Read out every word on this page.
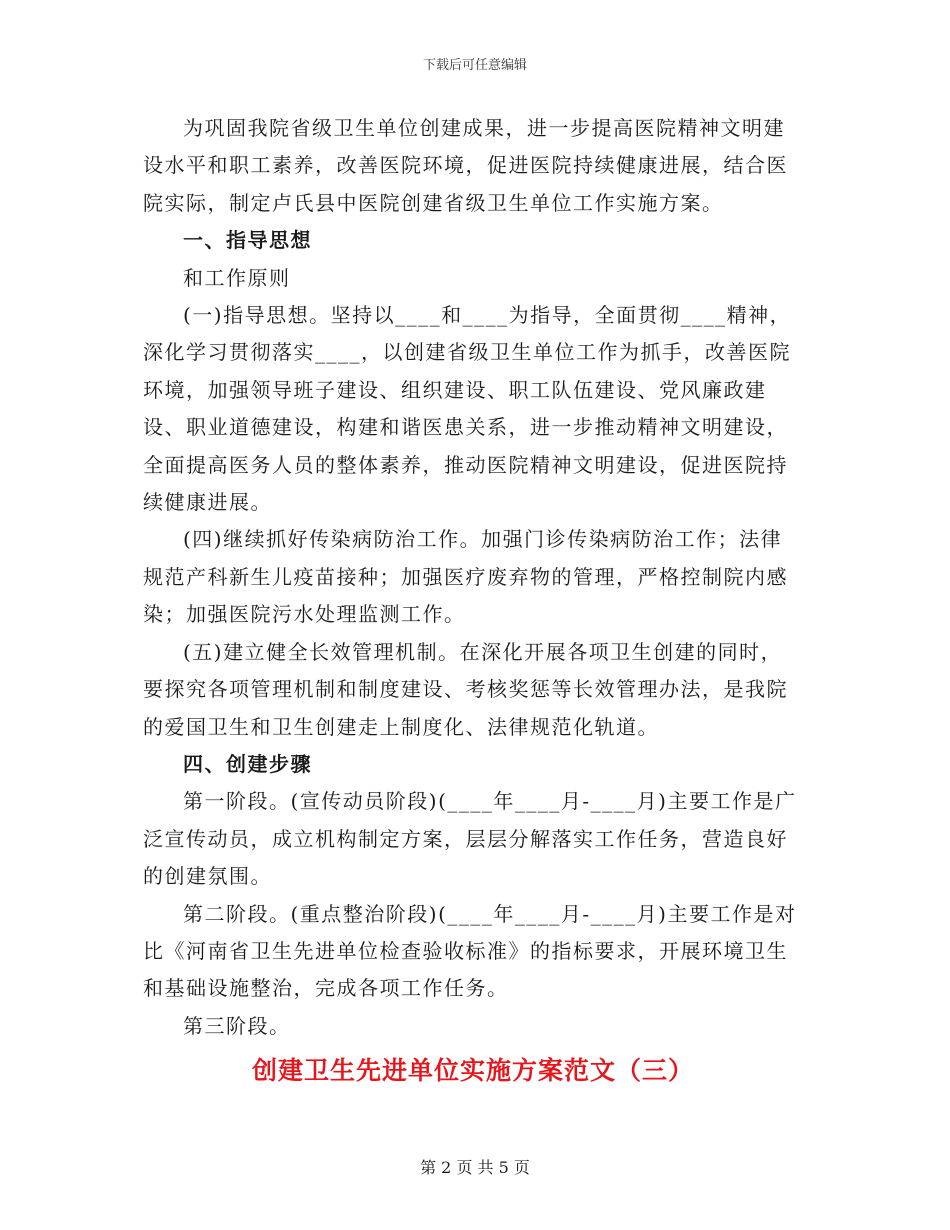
下载后可任意编辑

为巩固我院省级卫生单位创建成果，进一步提高医院精神文明建设水平和职工素养，改善医院环境，促进医院持续健康进展，结合医院实际，制定卢氏县中医院创建省级卫生单位工作实施方案。

一、指导思想

和工作原则

(一)指导思想。坚持以____和____为指导，全面贯彻____精神，深化学习贯彻落实____，以创建省级卫生单位工作为抓手，改善医院环境，加强领导班子建设、组织建设、职工队伍建设、党风廉政建设、职业道德建设，构建和谐医患关系，进一步推动精神文明建设，全面提高医务人员的整体素养，推动医院精神文明建设，促进医院持续健康进展。

(四)继续抓好传染病防治工作。加强门诊传染病防治工作；法律规范产科新生儿疫苗接种；加强医疗废弃物的管理，严格控制院内感染；加强医院污水处理监测工作。

(五)建立健全长效管理机制。在深化开展各项卫生创建的同时，要探究各项管理机制和制度建设、考核奖惩等长效管理办法，是我院的爱国卫生和卫生创建走上制度化、法律规范化轨道。

四、创建步骤

第一阶段。(宣传动员阶段)(____年____月-____月)主要工作是广泛宣传动员，成立机构制定方案，层层分解落实工作任务，营造良好的创建氛围。

第二阶段。(重点整治阶段)(____年____月-____月)主要工作是对比《河南省卫生先进单位检查验收标准》的指标要求，开展环境卫生和基础设施整治，完成各项工作任务。

第三阶段。

创建卫生先进单位实施方案范文（三）

第 2 页 共 5 页
